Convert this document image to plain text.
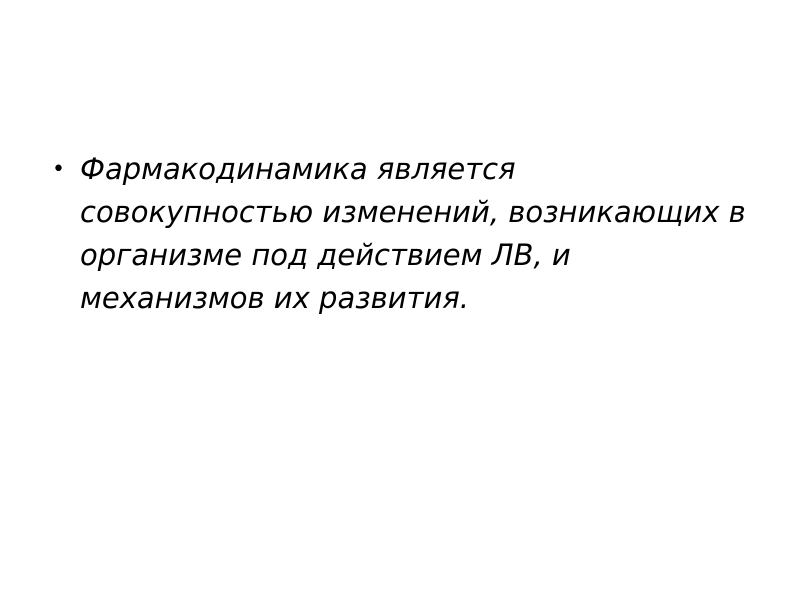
• Фармакодинамика является
совокупностью изменений, возникающих в
организме под действием ЛВ, и
механизмов их развития.
